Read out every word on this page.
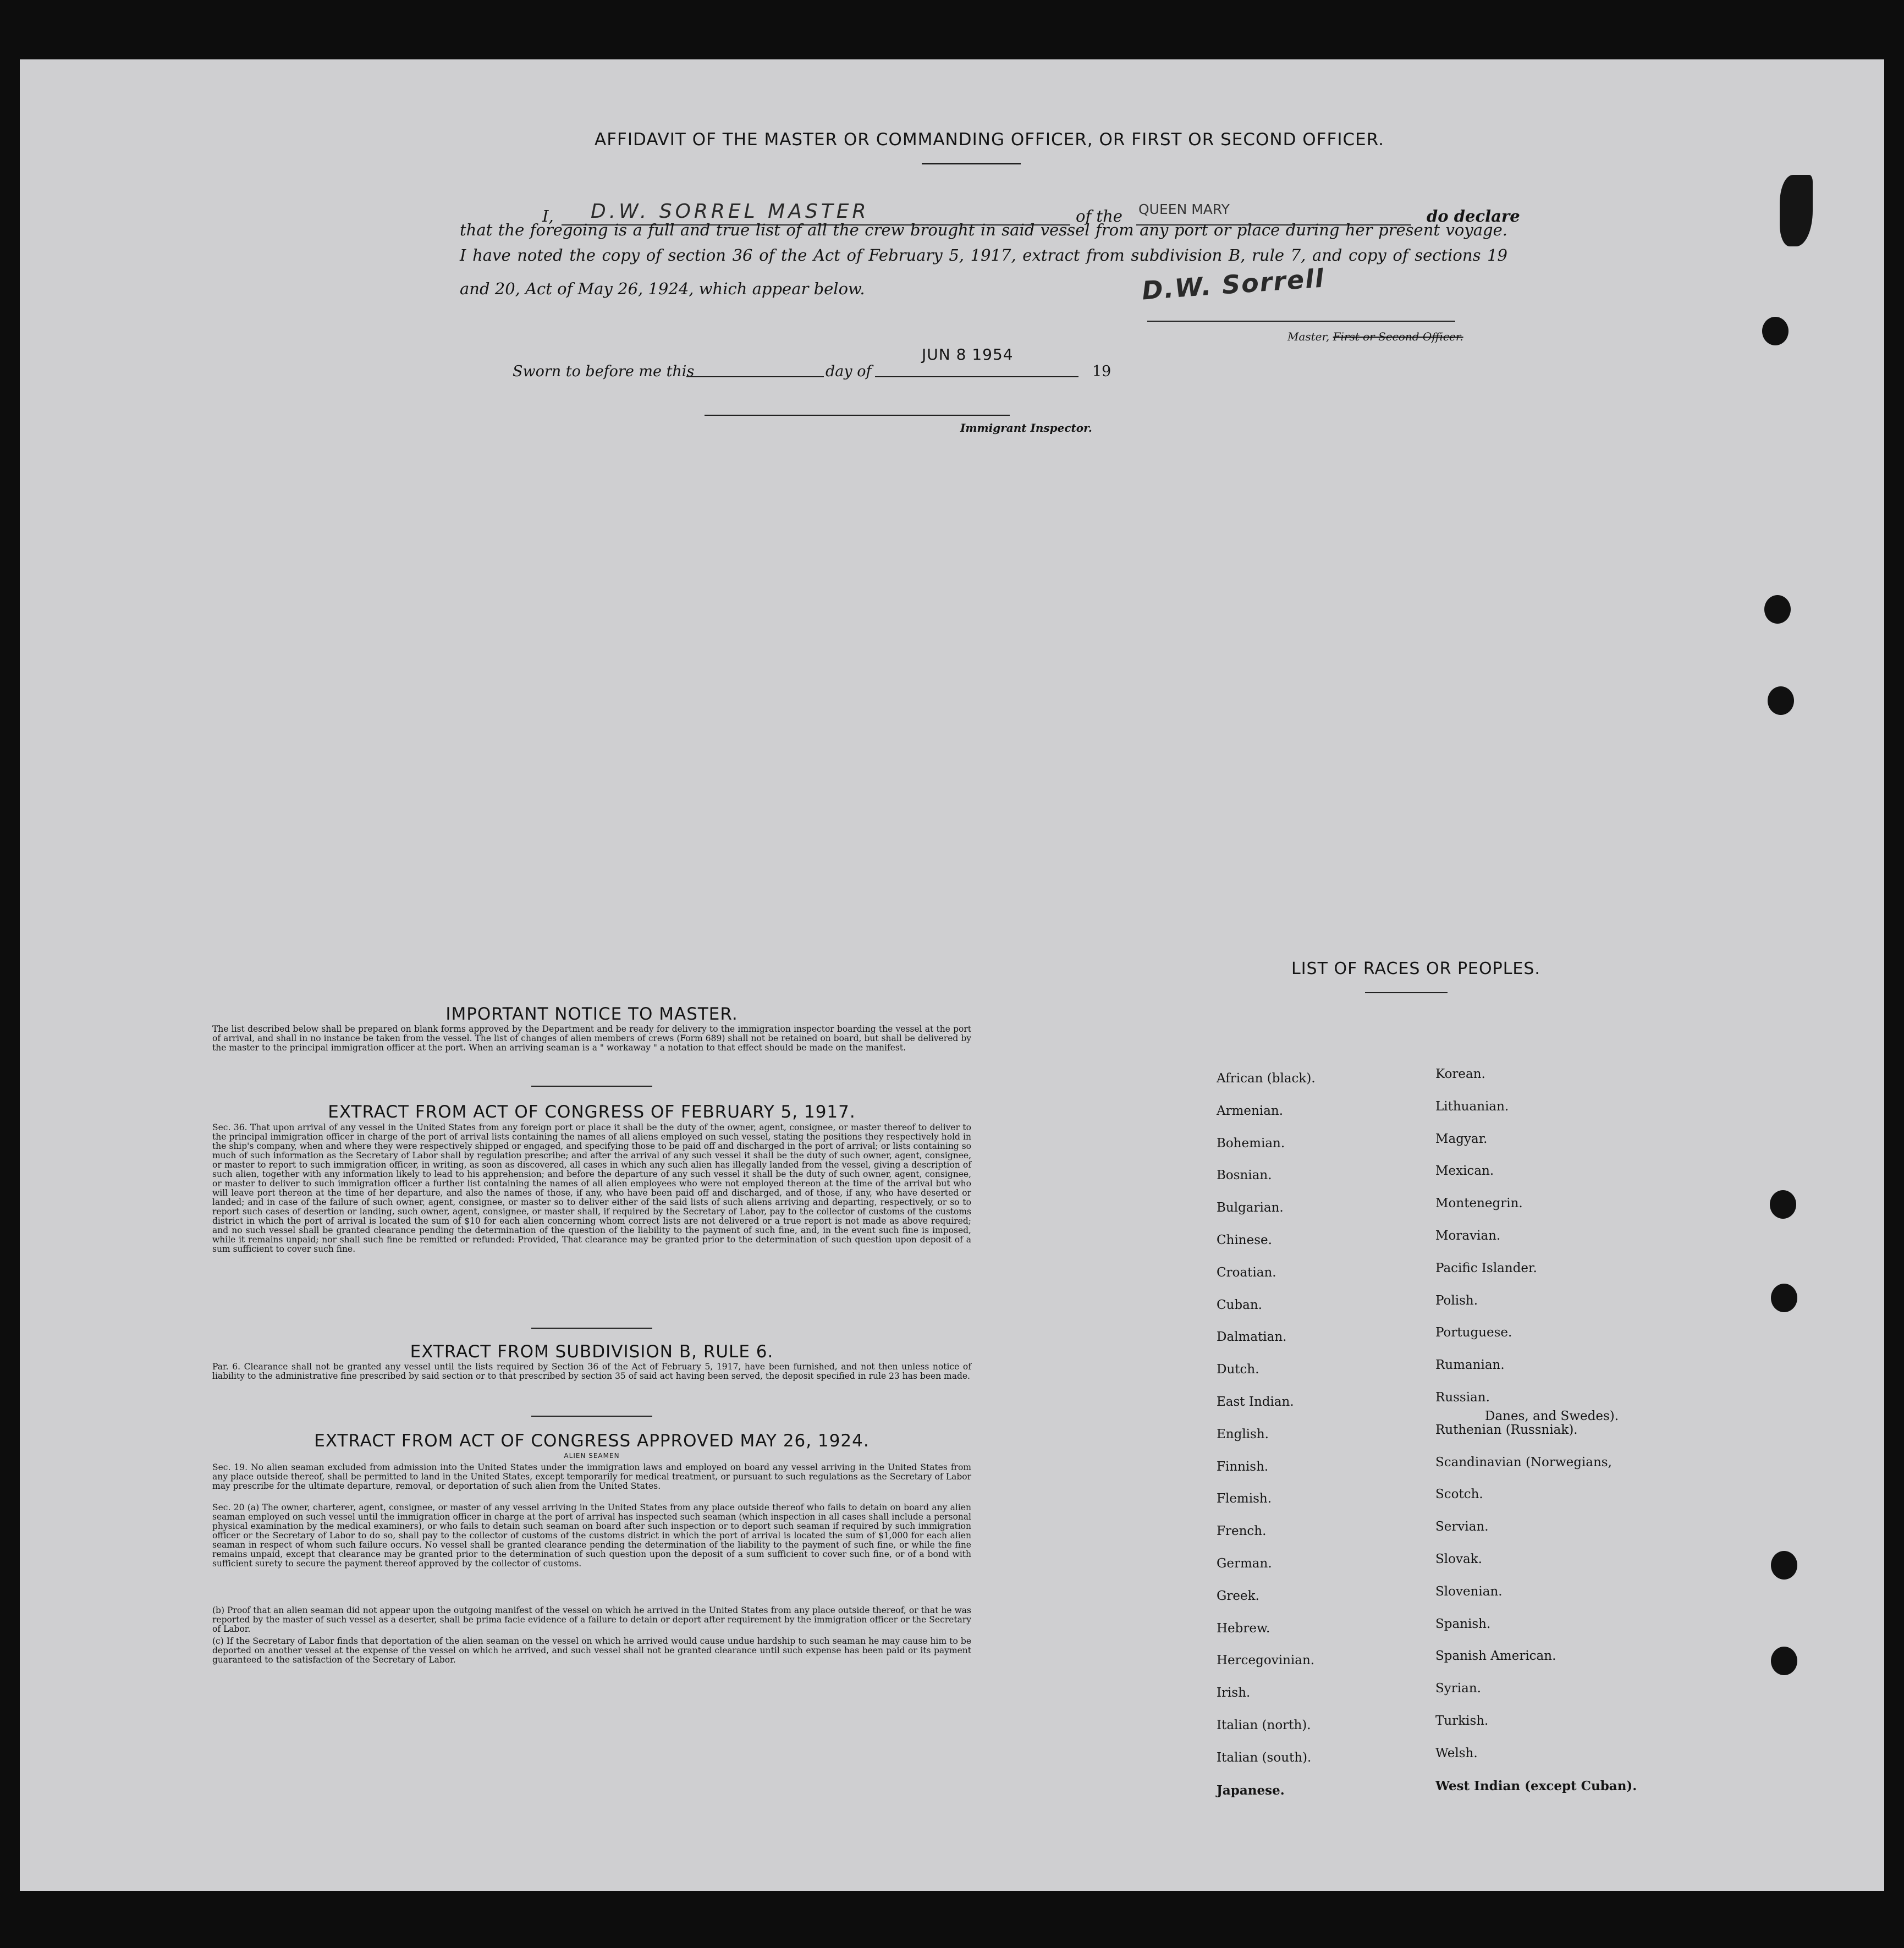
AFFIDAVIT OF THE MASTER OR COMMANDING OFFICER, OR FIRST OR SECOND OFFICER.
I, D.W. SORREL MASTER	of the QUEEN MARY	do declare
that the foregoing is a full and true list of all the crew brought in said vessel from any port or place during her present voyage.
I have noted the copy of section 36 of the Act of February 5, 1917, extract from subdivision B, rule 7, and copy of sections 19
and 20, Act of May 26, 1924, which appear below.	D.W. Sorrell
Master, First or Second Officer.
Sworn to before me this	day of
JUN 8 1954
19
Immigrant Inspector.
IMPORTANT NOTICE TO MASTER.
The list described below shall be prepared on blank forms approved by the Department and be ready for delivery to the immigration inspector boarding the vessel at the port of arrival, and shall in no instance be taken from the vessel. The list of changes of alien members of crews (Form 689) shall not be retained on board, but shall be delivered by the master to the principal immigration officer at the port. When an arriving seaman is a " workaway " a notation to that effect should be made on the manifest.
EXTRACT FROM ACT OF CONGRESS OF FEBRUARY 5, 1917.
Sec. 36. That upon arrival of any vessel in the United States from any foreign port or place it shall be the duty of the owner, agent, consignee, or master thereof to deliver to the principal immigration officer in charge of the port of arrival lists containing the names of all aliens employed on such vessel, stating the positions they respectively hold in the ship's company, when and where they were respectively shipped or engaged, and specifying those to be paid off and discharged in the port of arrival; or lists containing so much of such information as the Secretary of Labor shall by regulation prescribe; and after the arrival of any such vessel it shall be the duty of such owner, agent, consignee, or master to report to such immigration officer, in writing, as soon as discovered, all cases in which any such alien has illegally landed from the vessel, giving a description of such alien, together with any information likely to lead to his apprehension; and before the departure of any such vessel it shall be the duty of such owner, agent, consignee, or master to deliver to such immigration officer a further list containing the names of all alien employees who were not employed thereon at the time of the arrival but who will leave port thereon at the time of her departure, and also the names of those, if any, who have been paid off and discharged, and of those, if any, who have deserted or landed; and in case of the failure of such owner, agent, consignee, or master so to deliver either of the said lists of such aliens arriving and departing, respectively, or so to report such cases of desertion or landing, such owner, agent, consignee, or master shall, if required by the Secretary of Labor, pay to the collector of customs of the customs district in which the port of arrival is located the sum of $10 for each alien concerning whom correct lists are not delivered or a true report is not made as above required; and no such vessel shall be granted clearance pending the determination of the question of the liability to the payment of such fine, and, in the event such fine is imposed, while it remains unpaid; nor shall such fine be remitted or refunded: Provided, That clearance may be granted prior to the determination of such question upon deposit of a sum sufficient to cover such fine.
EXTRACT FROM SUBDIVISION B, RULE 6.
Par. 6. Clearance shall not be granted any vessel until the lists required by Section 36 of the Act of February 5, 1917, have been furnished, and not then unless notice of liability to the administrative fine prescribed by said section or to that prescribed by section 35 of said act having been served, the deposit specified in rule 23 has been made.
EXTRACT FROM ACT OF CONGRESS APPROVED MAY 26, 1924.
ALIEN SEAMEN
Sec. 19. No alien seaman excluded from admission into the United States under the immigration laws and employed on board any vessel arriving in the United States from any place outside thereof, shall be permitted to land in the United States, except temporarily for medical treatment, or pursuant to such regulations as the Secretary of Labor may prescribe for the ultimate departure, removal, or deportation of such alien from the United States.
Sec. 20 (a) The owner, charterer, agent, consignee, or master of any vessel arriving in the United States from any place outside thereof who fails to detain on board any alien seaman employed on such vessel until the immigration officer in charge at the port of arrival has inspected such seaman (which inspection in all cases shall include a personal physical examination by the medical examiners), or who fails to detain such seaman on board after such inspection or to deport such seaman if required by such immigration officer or the Secretary of Labor to do so, shall pay to the collector of customs of the customs district in which the port of arrival is located the sum of $1,000 for each alien seaman in respect of whom such failure occurs. No vessel shall be granted clearance pending the determination of the liability to the payment of such fine, or while the fine remains unpaid, except that clearance may be granted prior to the determination of such question upon the deposit of a sum sufficient to cover such fine, or of a bond with sufficient surety to secure the payment thereof approved by the collector of customs.
(b) Proof that an alien seaman did not appear upon the outgoing manifest of the vessel on which he arrived in the United States from any place outside thereof, or that he was reported by the master of such vessel as a deserter, shall be prima facie evidence of a failure to detain or deport after requirement by the immigration officer or the Secretary of Labor.
(c) If the Secretary of Labor finds that deportation of the alien seaman on the vessel on which he arrived would cause undue hardship to such seaman he may cause him to be deported on another vessel at the expense of the vessel on which he arrived, and such vessel shall not be granted clearance until such expense has been paid or its payment guaranteed to the satisfaction of the Secretary of Labor.
LIST OF RACES OR PEOPLES.
African (black).
Armenian.
Bohemian.
Bosnian.
Bulgarian.
Chinese.
Croatian.
Cuban.
Dalmatian.
Dutch.
East Indian.
English.
Finnish.
Flemish.
French.
German.
Greek.
Hebrew.
Hercegovinian.
Irish.
Italian (north).
Italian (south).
Japanese.
Korean.
Lithuanian.
Magyar.
Mexican.
Montenegrin.
Moravian.
Pacific Islander.
Polish.
Portuguese.
Rumanian.
Russian.
Ruthenian (Russniak).
Scandinavian (Norwegians,
Scotch.
Servian.
Slovak.
Slovenian.
Spanish.
Spanish American.
Syrian.
Turkish.
Welsh.
West Indian (except Cuban).
Danes, and Swedes).
